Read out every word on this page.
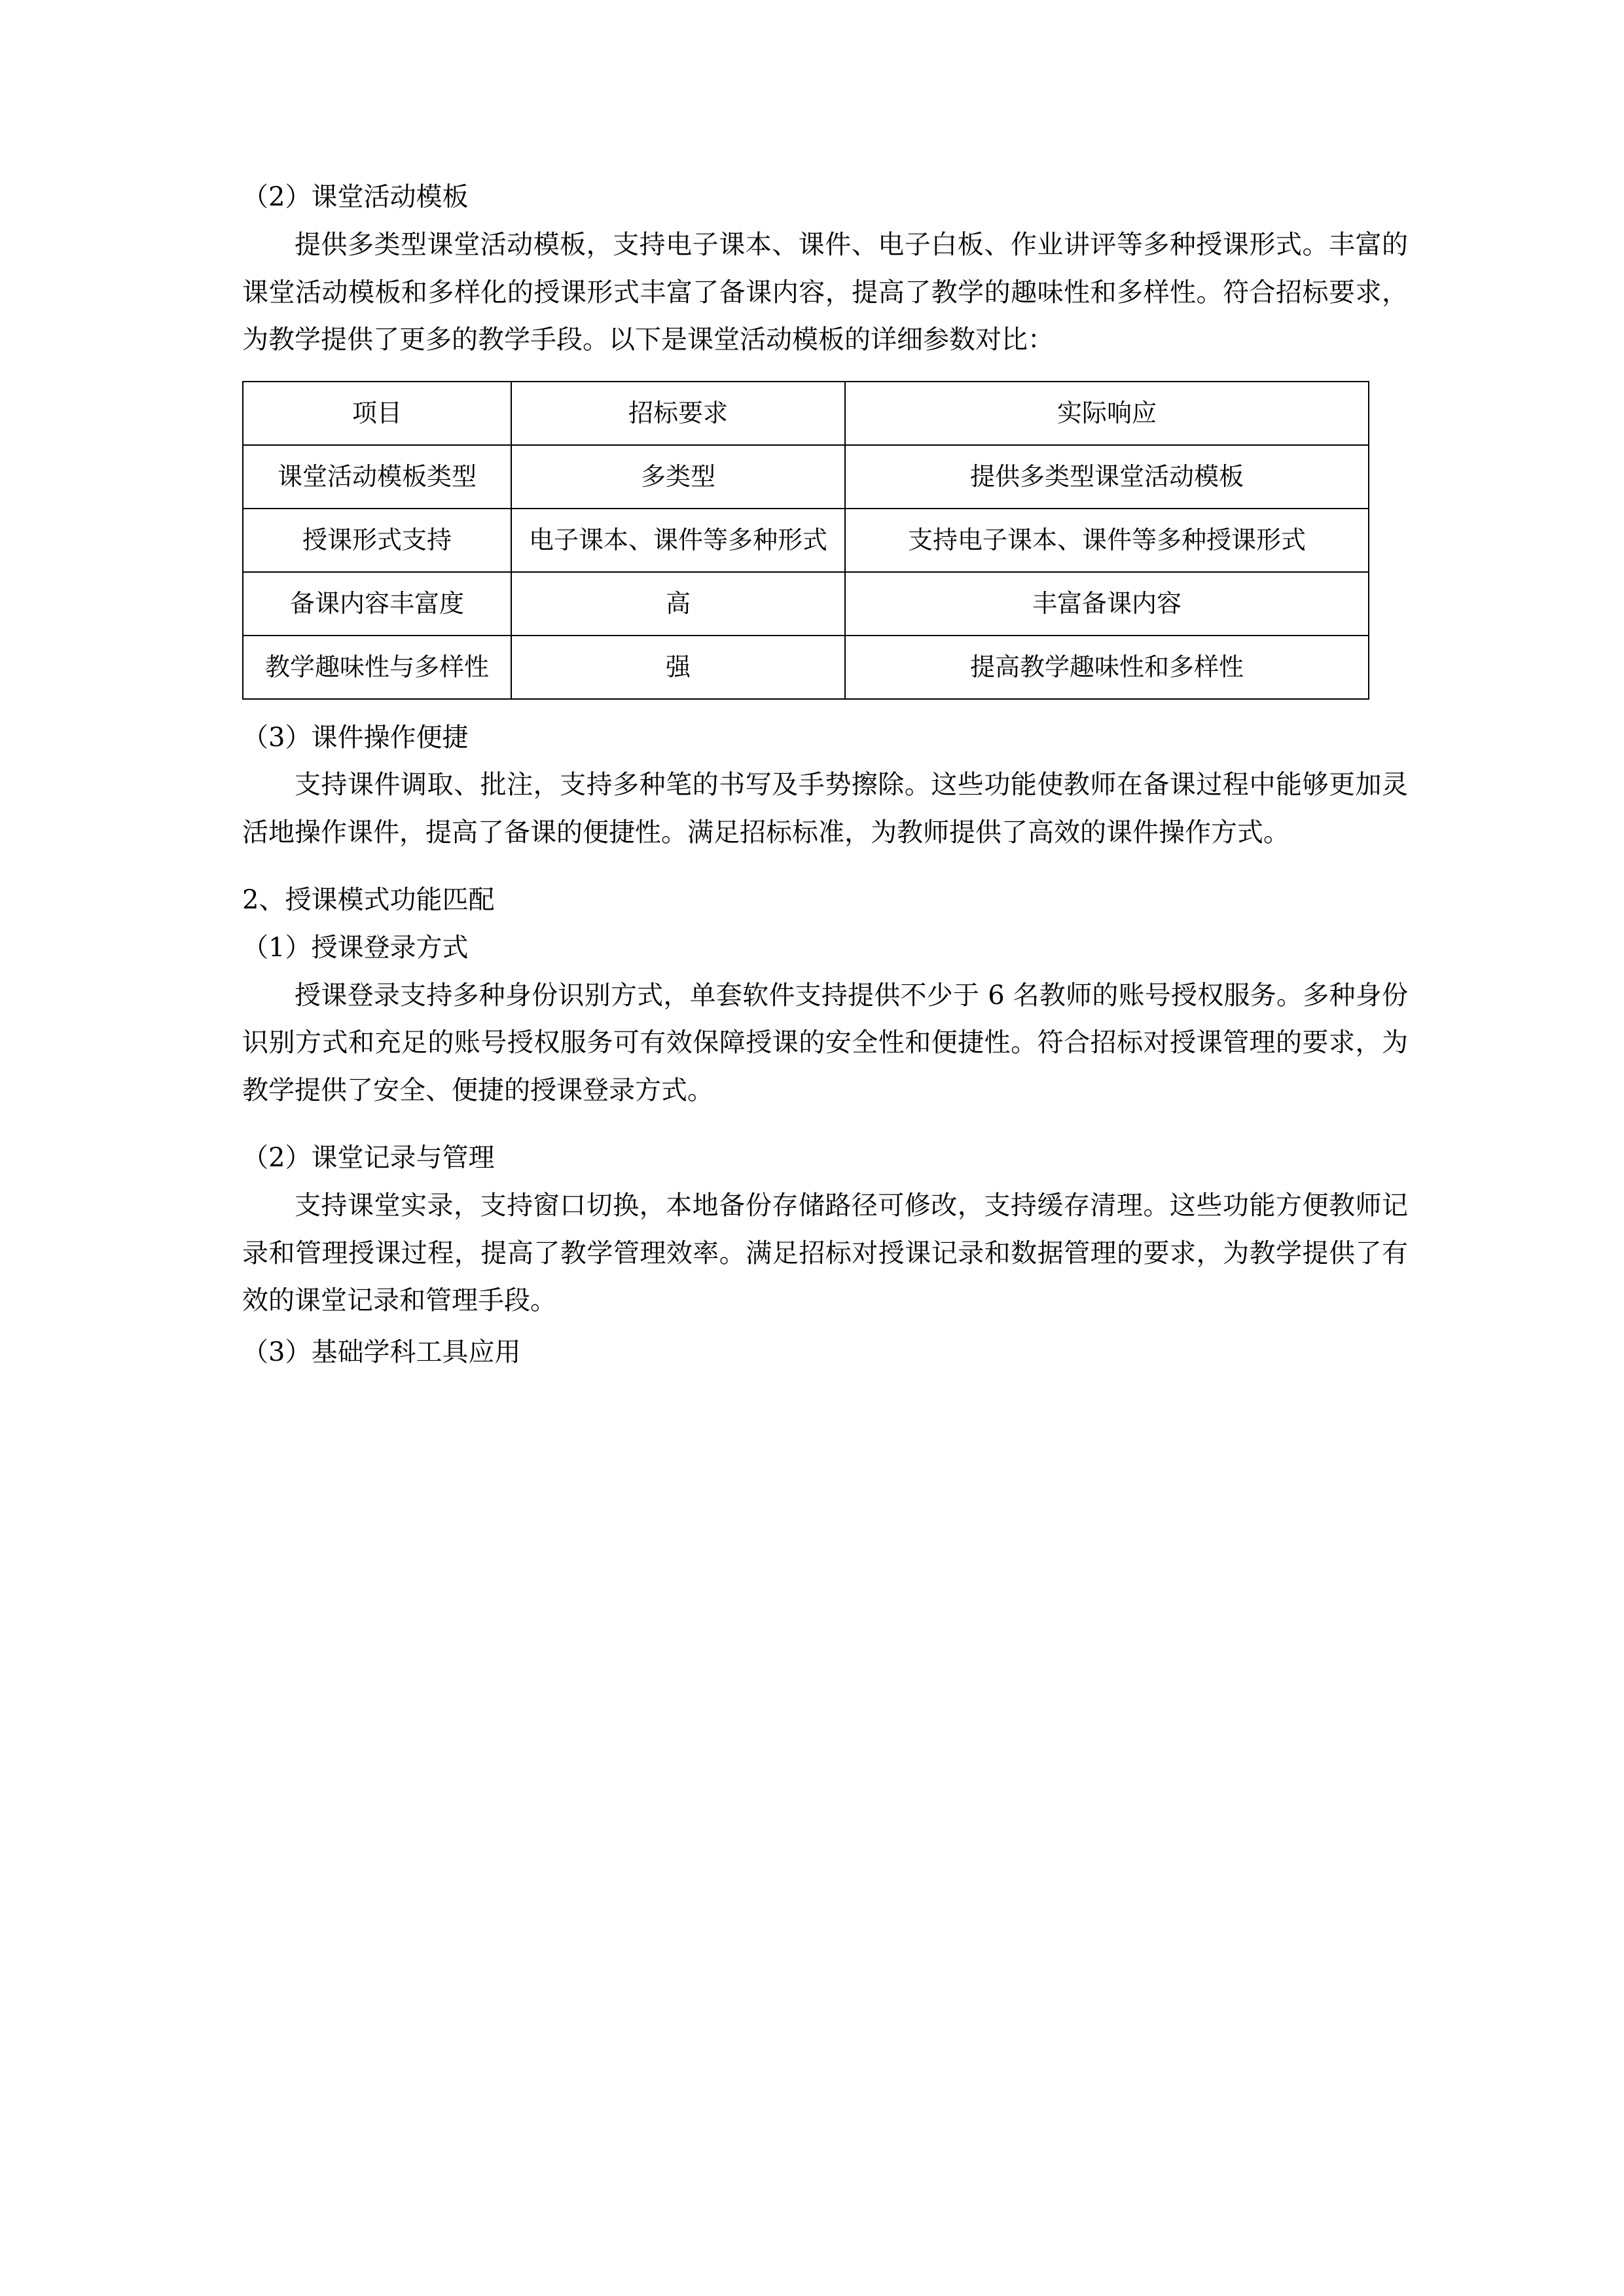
（2）课堂活动模板

提供多类型课堂活动模板，支持电子课本、课件、电子白板、作业讲评等多种授课形式。丰富的课堂活动模板和多样化的授课形式丰富了备课内容，提高了教学的趣味性和多样性。符合招标要求，为教学提供了更多的教学手段。以下是课堂活动模板的详细参数对比：

项目	招标要求	实际响应
课堂活动模板类型	多类型	提供多类型课堂活动模板
授课形式支持	电子课本、课件等多种形式	支持电子课本、课件等多种授课形式
备课内容丰富度	高	丰富备课内容
教学趣味性与多样性	强	提高教学趣味性和多样性

（3）课件操作便捷

支持课件调取、批注，支持多种笔的书写及手势擦除。这些功能使教师在备课过程中能够更加灵活地操作课件，提高了备课的便捷性。满足招标标准，为教师提供了高效的课件操作方式。

2、授课模式功能匹配

（1）授课登录方式

授课登录支持多种身份识别方式，单套软件支持提供不少于 6 名教师的账号授权服务。多种身份识别方式和充足的账号授权服务可有效保障授课的安全性和便捷性。符合招标对授课管理的要求，为教学提供了安全、便捷的授课登录方式。

（2）课堂记录与管理

支持课堂实录，支持窗口切换，本地备份存储路径可修改，支持缓存清理。这些功能方便教师记录和管理授课过程，提高了教学管理效率。满足招标对授课记录和数据管理的要求，为教学提供了有效的课堂记录和管理手段。

（3）基础学科工具应用
